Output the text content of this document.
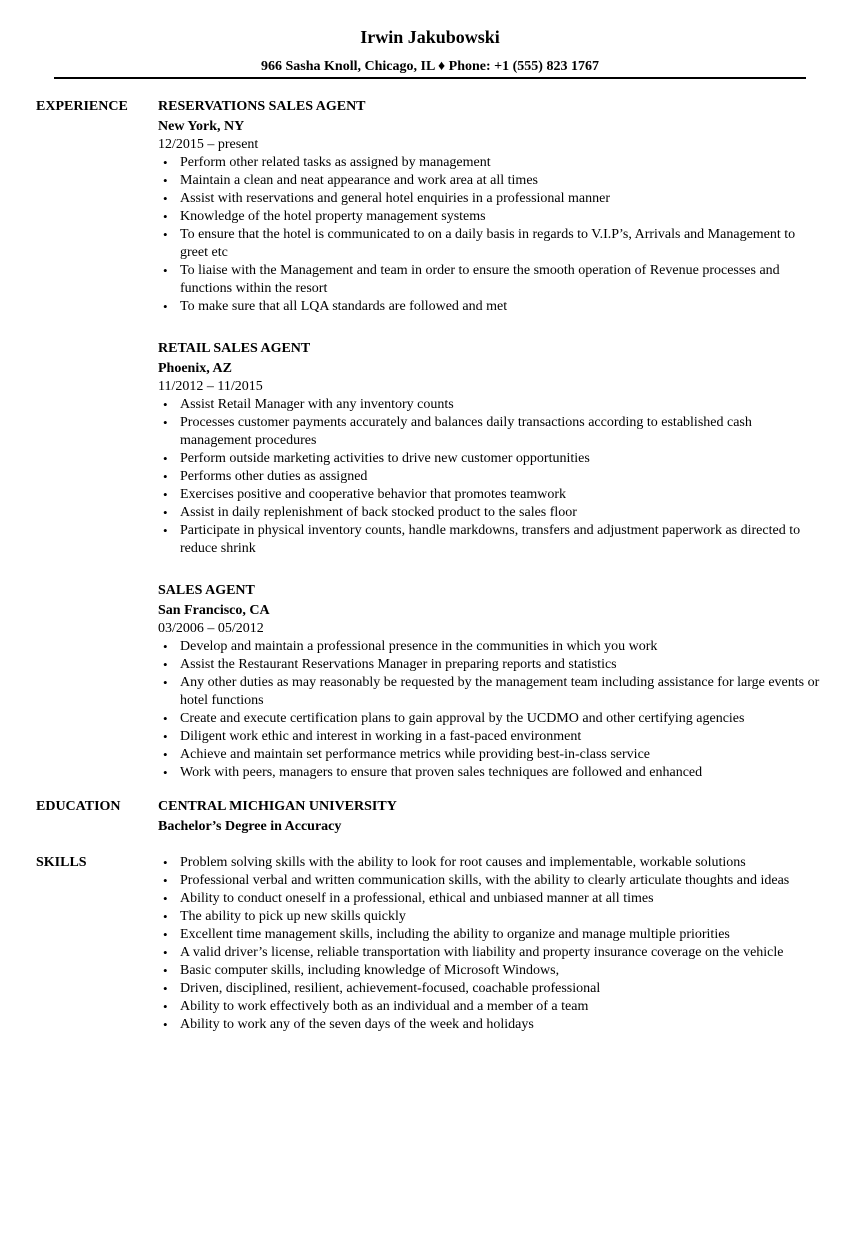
Irwin Jakubowski
966 Sasha Knoll, Chicago, IL ♦ Phone: +1 (555) 823 1767
EXPERIENCE RESERVATIONS SALES AGENT
New York, NY
12/2015 – present
• Perform other related tasks as assigned by management
• Maintain a clean and neat appearance and work area at all times
• Assist with reservations and general hotel enquiries in a professional manner
• Knowledge of the hotel property management systems
• To ensure that the hotel is communicated to on a daily basis in regards to V.I.P’s, Arrivals and Management to greet etc
• To liaise with the Management and team in order to ensure the smooth operation of Revenue processes and functions within the resort
• To make sure that all LQA standards are followed and met
RETAIL SALES AGENT
Phoenix, AZ
11/2012 – 11/2015
• Assist Retail Manager with any inventory counts
• Processes customer payments accurately and balances daily transactions according to established cash management procedures
• Perform outside marketing activities to drive new customer opportunities
• Performs other duties as assigned
• Exercises positive and cooperative behavior that promotes teamwork
• Assist in daily replenishment of back stocked product to the sales floor
• Participate in physical inventory counts, handle markdowns, transfers and adjustment paperwork as directed to reduce shrink
SALES AGENT
San Francisco, CA
03/2006 – 05/2012
• Develop and maintain a professional presence in the communities in which you work
• Assist the Restaurant Reservations Manager in preparing reports and statistics
• Any other duties as may reasonably be requested by the management team including assistance for large events or hotel functions
• Create and execute certification plans to gain approval by the UCDMO and other certifying agencies
• Diligent work ethic and interest in working in a fast-paced environment
• Achieve and maintain set performance metrics while providing best-in-class service
• Work with peers, managers to ensure that proven sales techniques are followed and enhanced
EDUCATION	CENTRAL MICHIGAN UNIVERSITY
Bachelor’s Degree in Accuracy
SKILLS	• Problem solving skills with the ability to look for root causes and implementable, workable solutions
• Professional verbal and written communication skills, with the ability to clearly articulate thoughts and ideas
• Ability to conduct oneself in a professional, ethical and unbiased manner at all times
• The ability to pick up new skills quickly
• Excellent time management skills, including the ability to organize and manage multiple priorities
• A valid driver’s license, reliable transportation with liability and property insurance coverage on the vehicle
• Basic computer skills, including knowledge of Microsoft Windows,
• Driven, disciplined, resilient, achievement-focused, coachable professional
• Ability to work effectively both as an individual and a member of a team
• Ability to work any of the seven days of the week and holidays
